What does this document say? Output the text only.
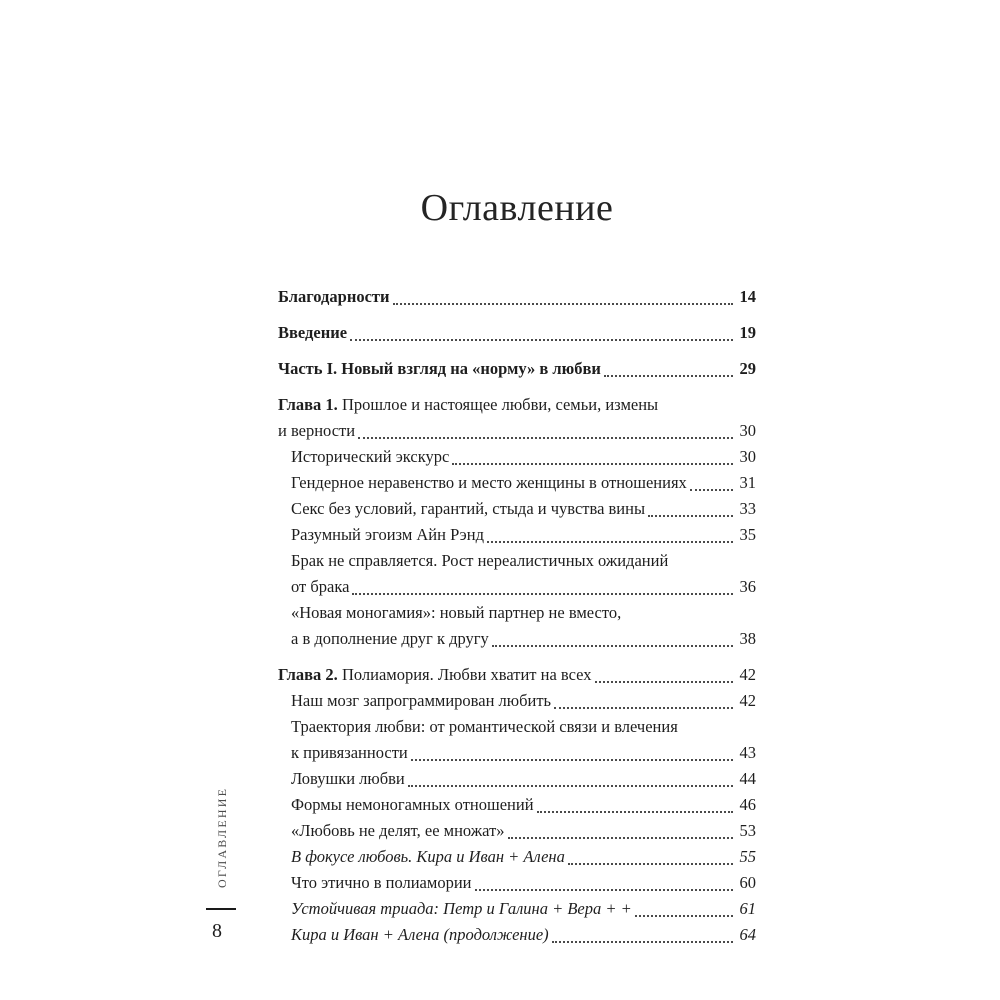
Оглавление
Благодарности	14
Введение	19
Часть I. Новый взгляд на «норму» в любви	29
Глава 1. Прошлое и настоящее любви, семьи, измены
и верности	30
Исторический экскурс	30
Гендерное неравенство и место женщины в отношениях	31
Секс без условий, гарантий, стыда и чувства вины	33
Разумный эгоизм Айн Рэнд	35
Брак не справляется. Рост нереалистичных ожиданий
от брака	36
«Новая моногамия»: новый партнер не вместо,
а в дополнение друг к другу	38
Глава 2. Полиамория. Любви хватит на всех	42
Наш мозг запрограммирован любить	42
Траектория любви: от романтической связи и влечения
к привязанности	43
Ловушки любви	44
Формы немоногамных отношений	46
«Любовь не делят, ее множат»	53
В фокусе любовь. Кира и Иван + Алена	55
Что этично в полиамории	60
Устойчивая триада: Петр и Галина + Вера + +	61
Кира и Иван + Алена (продолжение)	64
ОГЛАВЛЕНИЕ
8
